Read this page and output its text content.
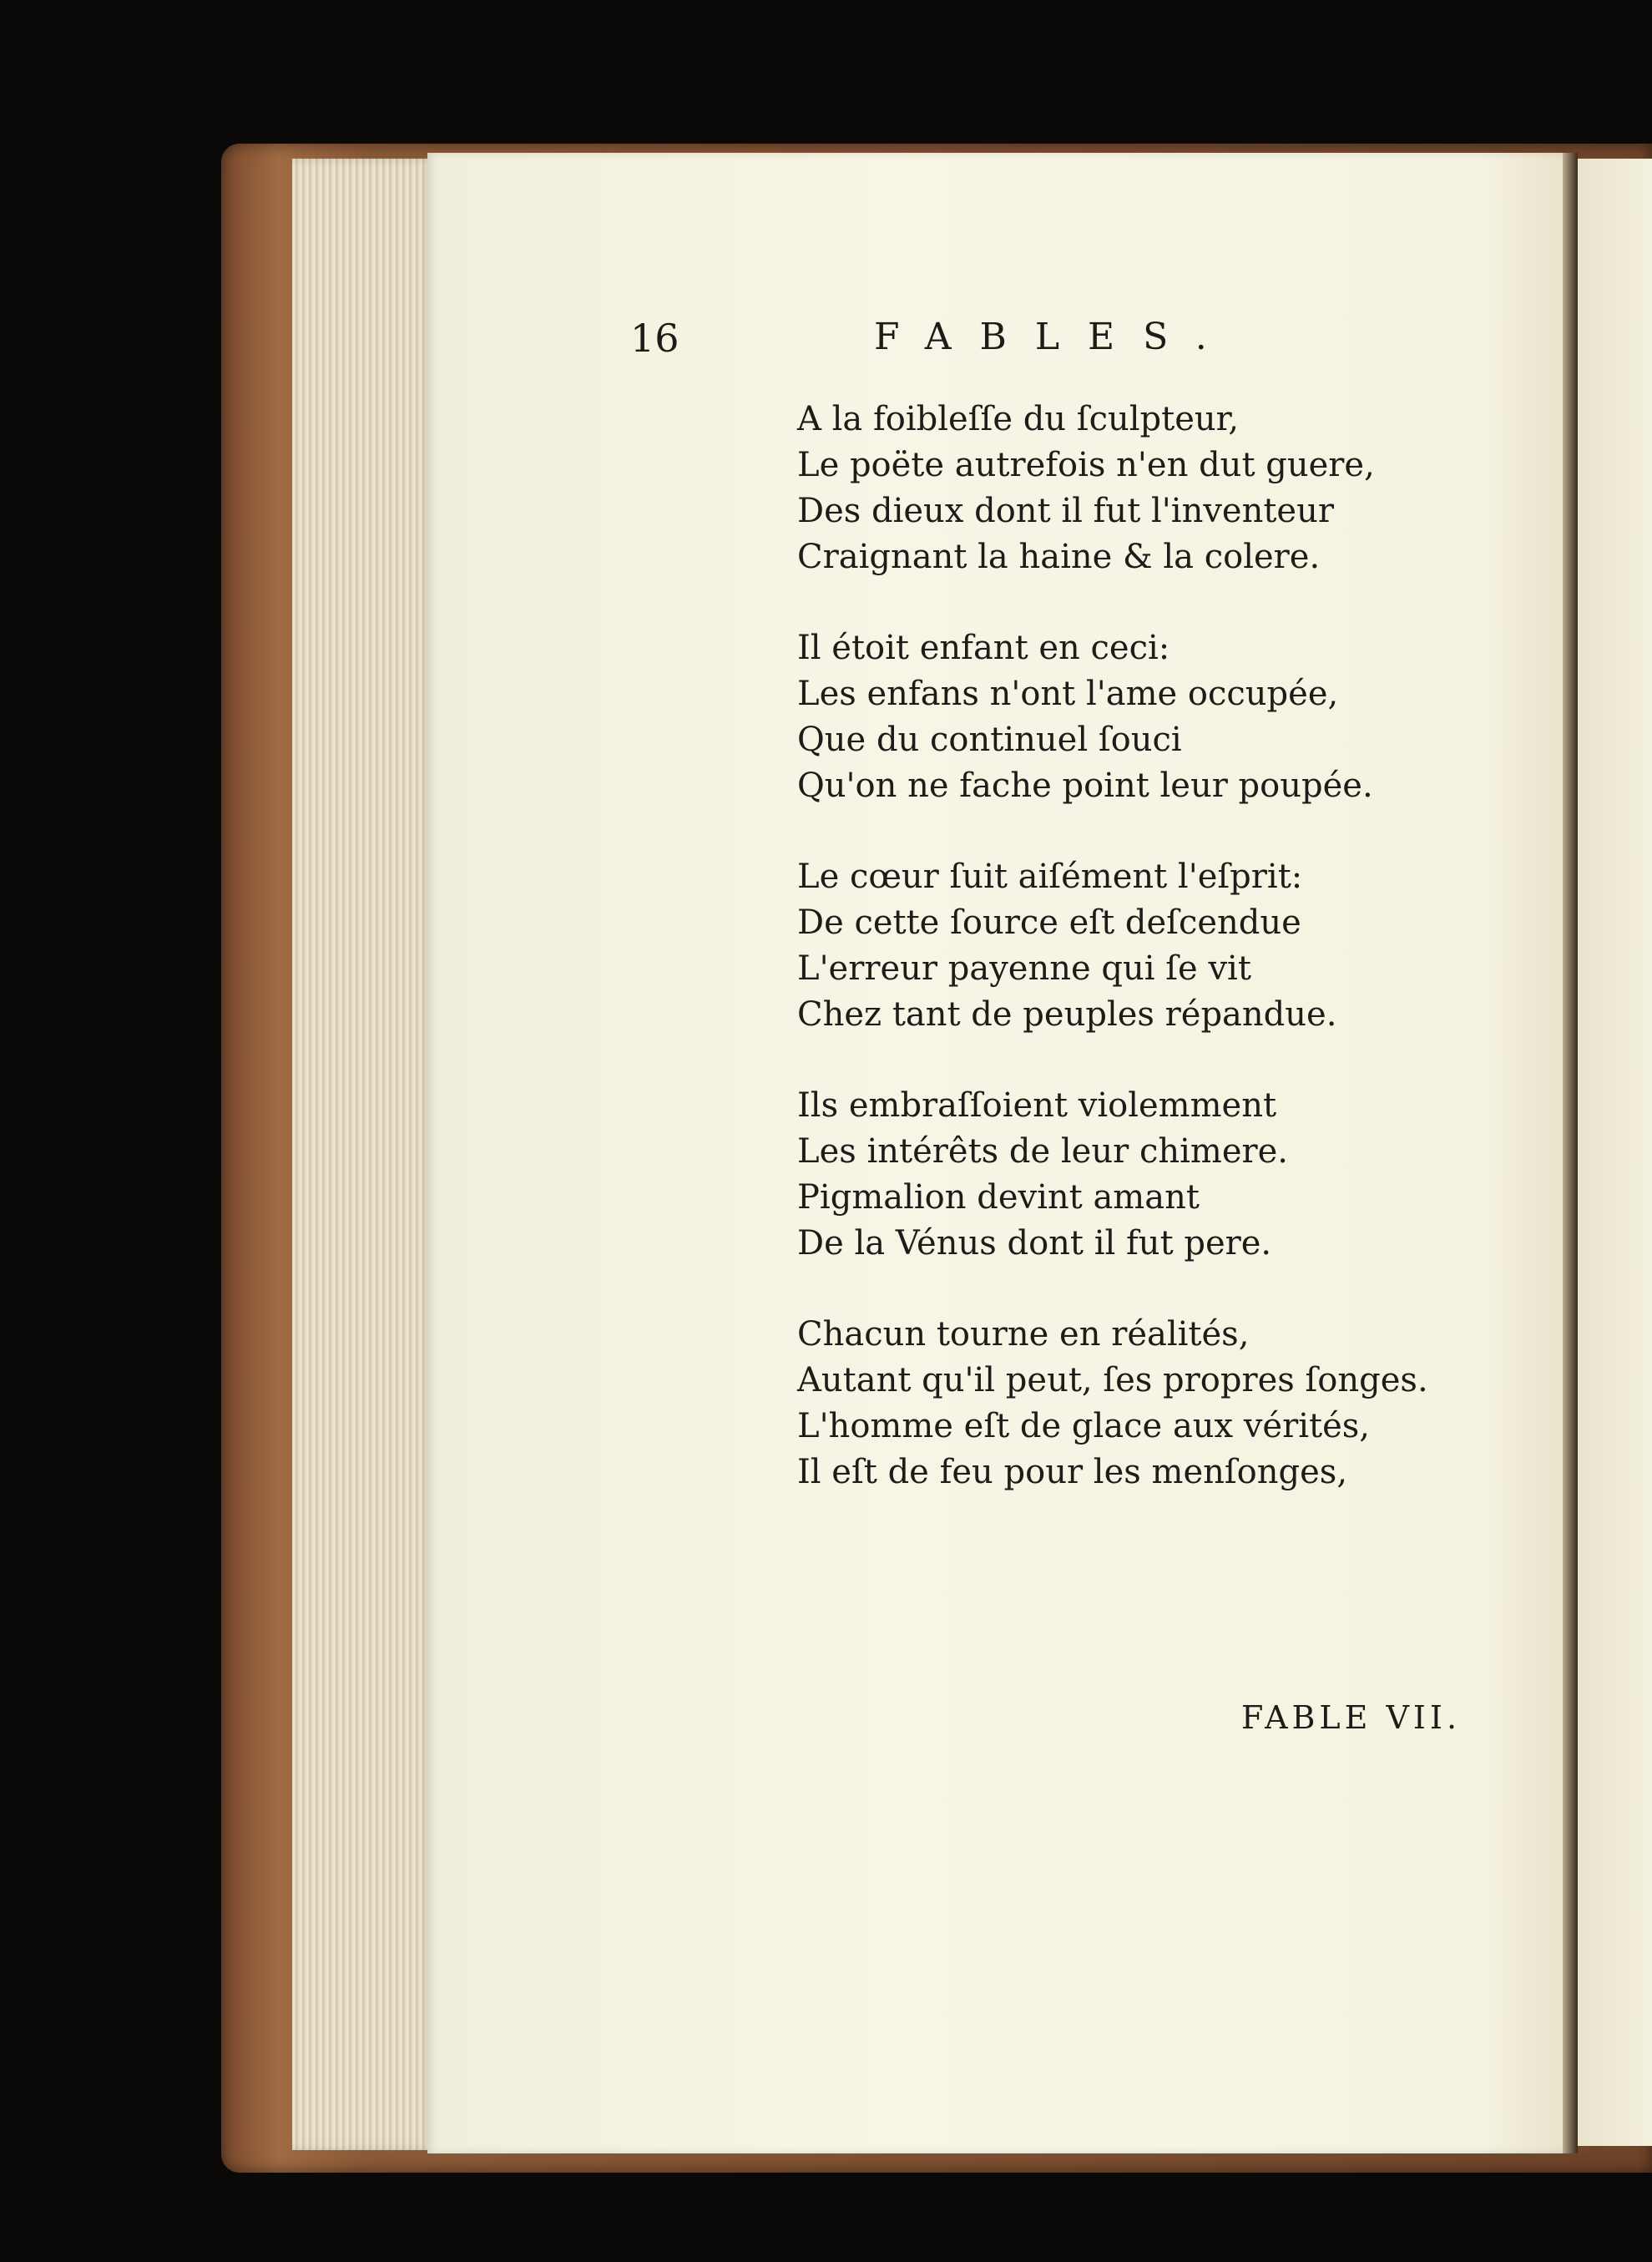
16	FABLES.
A la foibleſſe du ſculpteur,
Le poëte autrefois n'en dut guere,
Des dieux dont il fut l'inventeur
Craignant la haine & la colere.
Il étoit enfant en ceci:
Les enfans n'ont l'ame occupée,
Que du continuel ſouci
Qu'on ne fache point leur poupée.
Le cœur ſuit aiſément l'eſprit:
De cette ſource eſt deſcendue
L'erreur payenne qui ſe vit
Chez tant de peuples répandue.
Ils embraſſoient violemment
Les intérêts de leur chimere.
Pigmalion devint amant
De la Vénus dont il fut pere.
Chacun tourne en réalités,
Autant qu'il peut, ſes propres ſonges.
L'homme eſt de glace aux vérités,
Il eſt de feu pour les menſonges,
FABLE VII.
